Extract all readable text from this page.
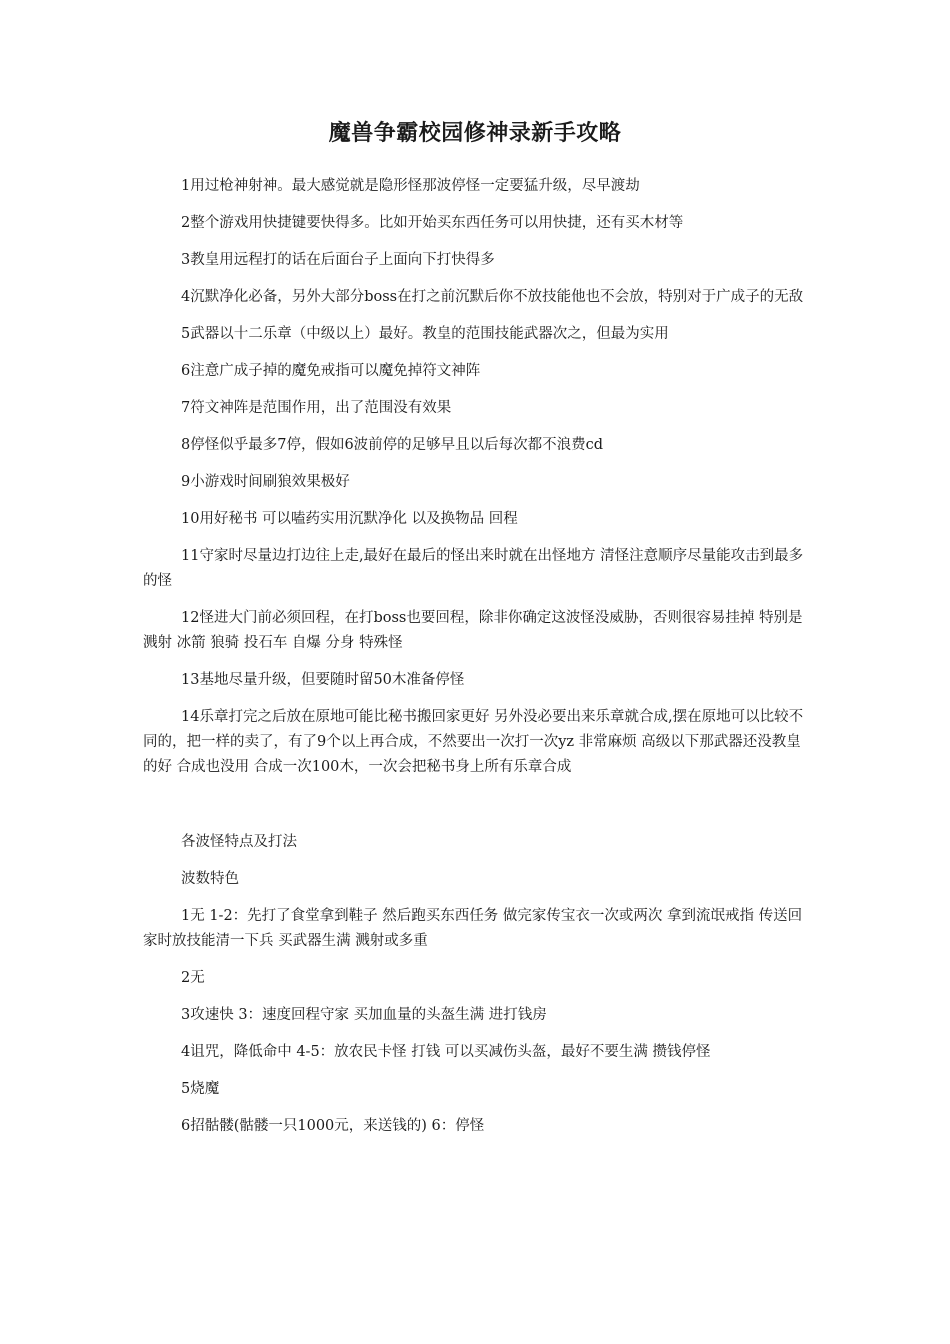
魔兽争霸校园修神录新手攻略

1用过枪神射神。最大感觉就是隐形怪那波停怪一定要猛升级，尽早渡劫

2整个游戏用快捷键要快得多。比如开始买东西任务可以用快捷，还有买木材等

3教皇用远程打的话在后面台子上面向下打快得多

4沉默净化必备，另外大部分boss在打之前沉默后你不放技能他也不会放，特别对于广成子的无敌

5武器以十二乐章（中级以上）最好。教皇的范围技能武器次之，但最为实用

6注意广成子掉的魔免戒指可以魔免掉符文神阵

7符文神阵是范围作用，出了范围没有效果

8停怪似乎最多7停，假如6波前停的足够早且以后每次都不浪费cd

9小游戏时间刷狼效果极好

10用好秘书 可以嗑药实用沉默净化 以及换物品 回程

11守家时尽量边打边往上走,最好在最后的怪出来时就在出怪地方 清怪注意顺序尽量能攻击到最多的怪

12怪进大门前必须回程，在打boss也要回程，除非你确定这波怪没威胁，否则很容易挂掉 特别是溅射 冰箭 狼骑 投石车 自爆 分身 特殊怪

13基地尽量升级，但要随时留50木准备停怪

14乐章打完之后放在原地可能比秘书搬回家更好 另外没必要出来乐章就合成,摆在原地可以比较不同的，把一样的卖了，有了9个以上再合成，不然要出一次打一次yz 非常麻烦 高级以下那武器还没教皇的好 合成也没用 合成一次100木，一次会把秘书身上所有乐章合成

各波怪特点及打法

波数特色

1无 1-2：先打了食堂拿到鞋子 然后跑买东西任务 做完家传宝衣一次或两次 拿到流氓戒指 传送回家时放技能清一下兵 买武器生满 溅射或多重

2无

3攻速快 3：速度回程守家 买加血量的头盔生满 进打钱房

4诅咒，降低命中 4-5：放农民卡怪 打钱 可以买减伤头盔，最好不要生满 攒钱停怪

5烧魔

6招骷髅(骷髅一只1000元，来送钱的) 6：停怪
